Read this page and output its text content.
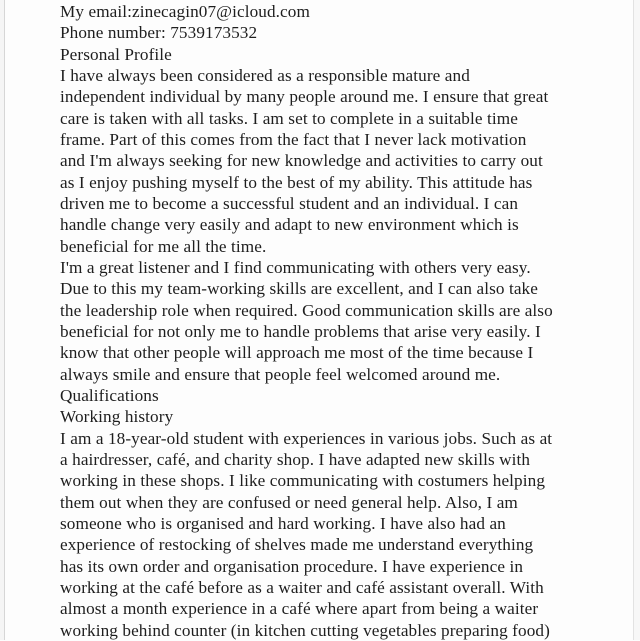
My email:zinecagin07@icloud.com
Phone number: 7539173532
Personal Profile
I have always been considered as a responsible mature and
independent individual by many people around me. I ensure that great
care is taken with all tasks. I am set to complete in a suitable time
frame. Part of this comes from the fact that I never lack motivation
and I'm always seeking for new knowledge and activities to carry out
as I enjoy pushing myself to the best of my ability. This attitude has
driven me to become a successful student and an individual. I can
handle change very easily and adapt to new environment which is
beneficial for me all the time.
I'm a great listener and I find communicating with others very easy.
Due to this my team-working skills are excellent, and I can also take
the leadership role when required. Good communication skills are also
beneficial for not only me to handle problems that arise very easily. I
know that other people will approach me most of the time because I
always smile and ensure that people feel welcomed around me.
Qualifications
Working history
I am a 18-year-old student with experiences in various jobs. Such as at
a hairdresser, café, and charity shop. I have adapted new skills with
working in these shops. I like communicating with costumers helping
them out when they are confused or need general help. Also, I am
someone who is organised and hard working. I have also had an
experience of restocking of shelves made me understand everything
has its own order and organisation procedure. I have experience in
working at the café before as a waiter and café assistant overall. With
almost a month experience in a café where apart from being a waiter
working behind counter (in kitchen cutting vegetables preparing food)
